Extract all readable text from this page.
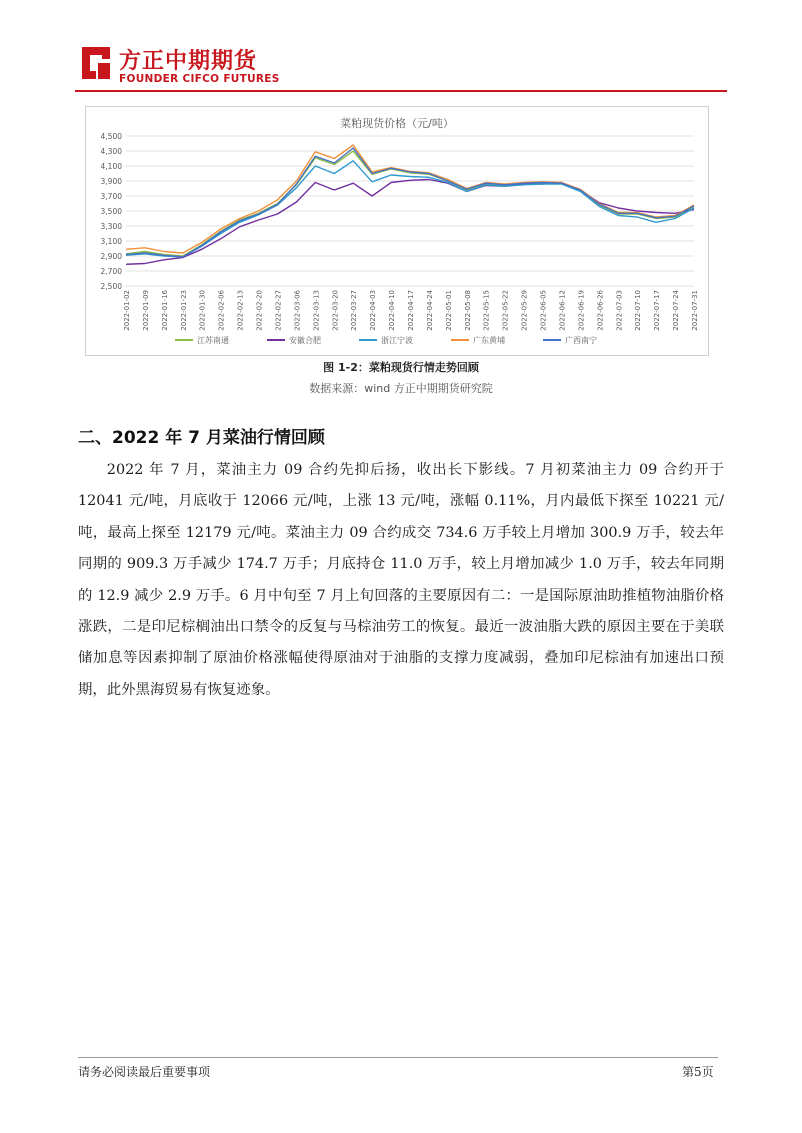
方正中期期货
FOUNDER CIFCO FUTURES
菜粕现货价格（元/吨）
2,500
2,700
2,900
3,100
3,300
3,500
3,700
3,900
4,100
4,300
4,500
2022-01-02 2022-01-09 2022-01-16 2022-01-23 2022-01-30 2022-02-06 2022-02-13 2022-02-20 2022-02-27 2022-03-06 2022-03-13 2022-03-20 2022-03-27 2022-04-03 2022-04-10 2022-04-17 2022-04-24 2022-05-01 2022-05-08 2022-05-15 2022-05-22 2022-05-29 2022-06-05 2022-06-12 2022-06-19 2022-06-26 2022-07-03 2022-07-10 2022-07-17 2022-07-24 2022-07-31
江苏南通	安徽合肥	浙江宁波	广东黄埔	广西南宁
图 1-2：菜粕现货行情走势回顾
数据来源：wind 方正中期期货研究院
二、2022 年 7 月菜油行情回顾

2022 年 7 月，菜油主力 09 合约先抑后扬，收出长下影线。7 月初菜油主力 09 合约开于 12041 元/吨，月底收于 12066 元/吨，上涨 13 元/吨，涨幅 0.11%，月内最低下探至 10221 元/吨，最高上探至 12179 元/吨。菜油主力 09 合约成交 734.6 万手较上月增加 300.9 万手，较去年同期的 909.3 万手减少 174.7 万手；月底持仓 11.0 万手，较上月增加减少 1.0 万手，较去年同期的 12.9 减少 2.9 万手。6 月中旬至 7 月上旬回落的主要原因有二：一是国际原油助推植物油脂价格涨跌，二是印尼棕榈油出口禁令的反复与马棕油劳工的恢复。最近一波油脂大跌的原因主要在于美联储加息等因素抑制了原油价格涨幅使得原油对于油脂的支撑力度减弱，叠加印尼棕油有加速出口预期，此外黑海贸易有恢复迹象。

请务必阅读最后重要事项	第5页
